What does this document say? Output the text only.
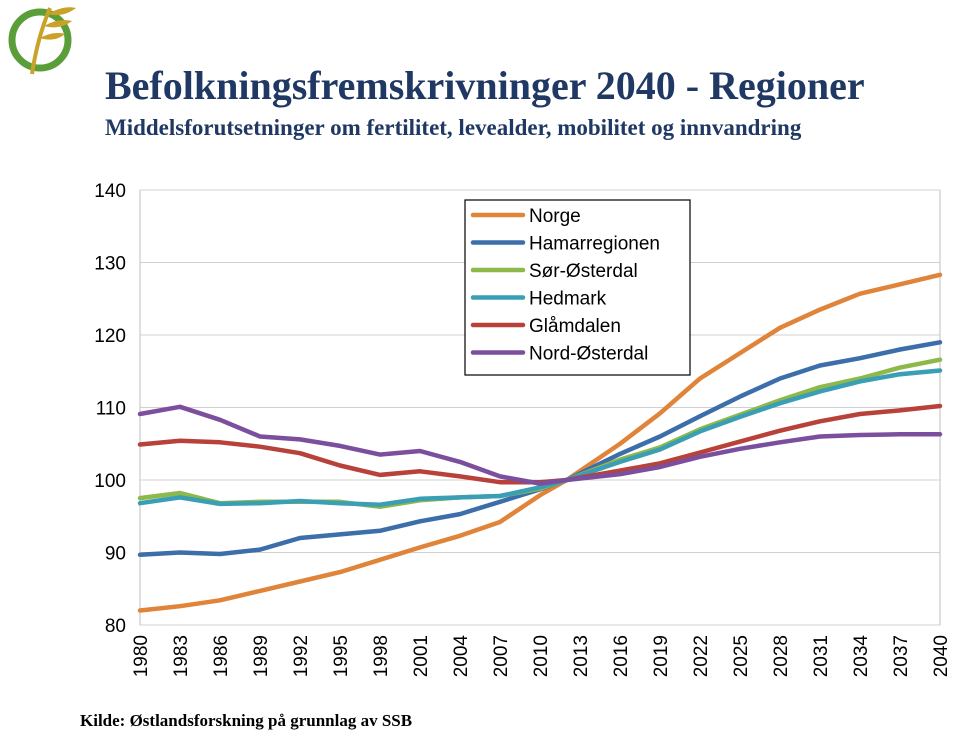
Befolkningsfremskrivninger 2040 - Regioner
Middelsforutsetninger om fertilitet, levealder, mobilitet og innvandring
80
90
100
110
120
130
140
1980 1983 1986 1989 1992 1995 1998 2001 2004 2007 2010 2013 2016 2019 2022 2025 2028 2031 2034 2037 2040
Norge
Hamarregionen
Sør-Østerdal
Hedmark
Glåmdalen
Nord-Østerdal
Kilde: Østlandsforskning på grunnlag av SSB
